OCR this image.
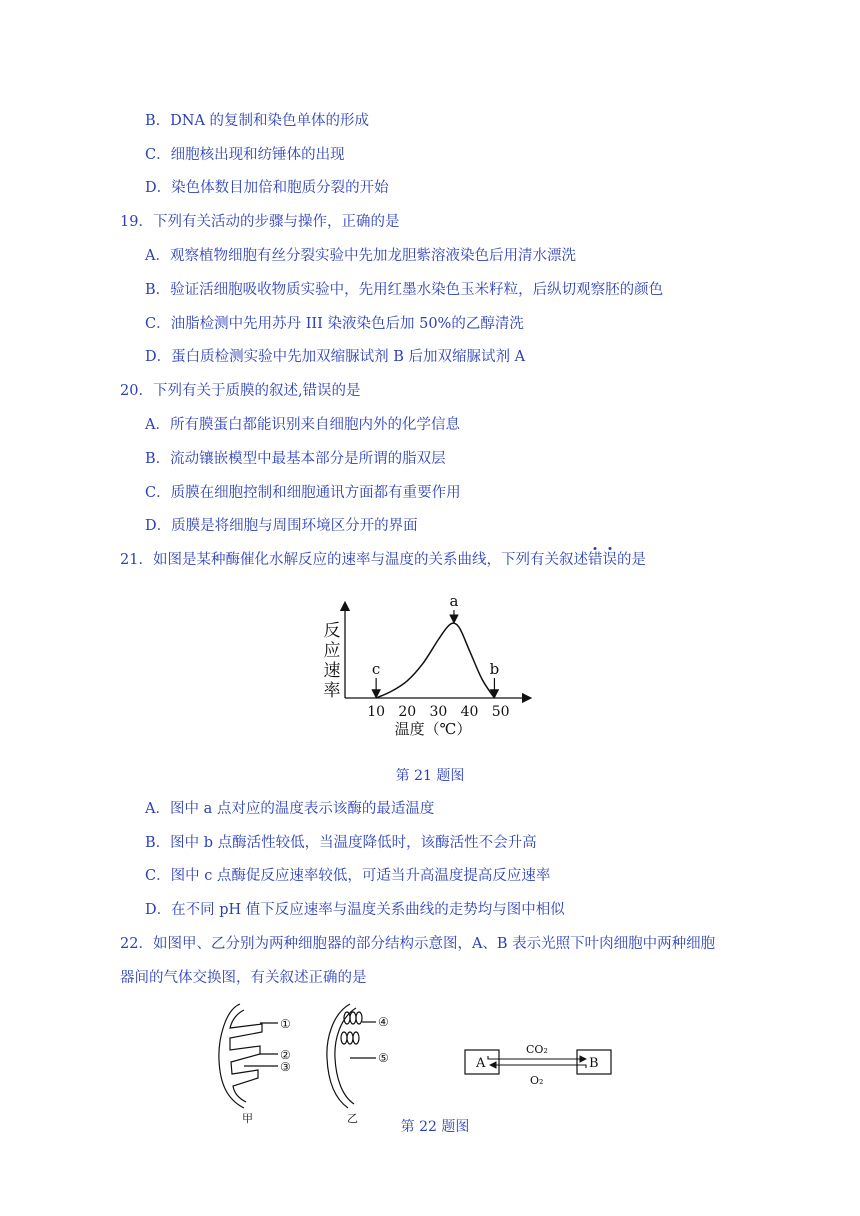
B．DNA 的复制和染色单体的形成
C．细胞核出现和纺锤体的出现
D．染色体数目加倍和胞质分裂的开始
19．下列有关活动的步骤与操作，正确的是
A．观察植物细胞有丝分裂实验中先加龙胆紫溶液染色后用清水漂洗
B．验证活细胞吸收物质实验中，先用红墨水染色玉米籽粒，后纵切观察胚的颜色
C．油脂检测中先用苏丹 III 染液染色后加 50%的乙醇清洗
D．蛋白质检测实验中先加双缩脲试剂 B 后加双缩脲试剂 A
20．下列有关于质膜的叙述,错误的是
A．所有膜蛋白都能识别来自细胞内外的化学信息
B．流动镶嵌模型中最基本部分是所谓的脂双层
C．质膜在细胞控制和细胞通讯方面都有重要作用
D．质膜是将细胞与周围环境区分开的界面
21．如图是某种酶催化水解反应的速率与温度的关系曲线，下列有关叙述错误的是
反
应
速
率
10 20 30 40 50
a
c	b
温度（℃）
第 21 题图
A．图中 a 点对应的温度表示该酶的最适温度
B．图中 b 点酶活性较低，当温度降低时，该酶活性不会升高
C．图中 c 点酶促反应速率较低，可适当升高温度提高反应速率
D．在不同 pH 值下反应速率与温度关系曲线的走势均与图中相似
22．如图甲、乙分别为两种细胞器的部分结构示意图，A、B 表示光照下叶肉细胞中两种细胞
器间的气体交换图，有关叙述正确的是
①
②
③
甲
④
⑤
乙
A	B
CO₂
O₂
第 22 题图
